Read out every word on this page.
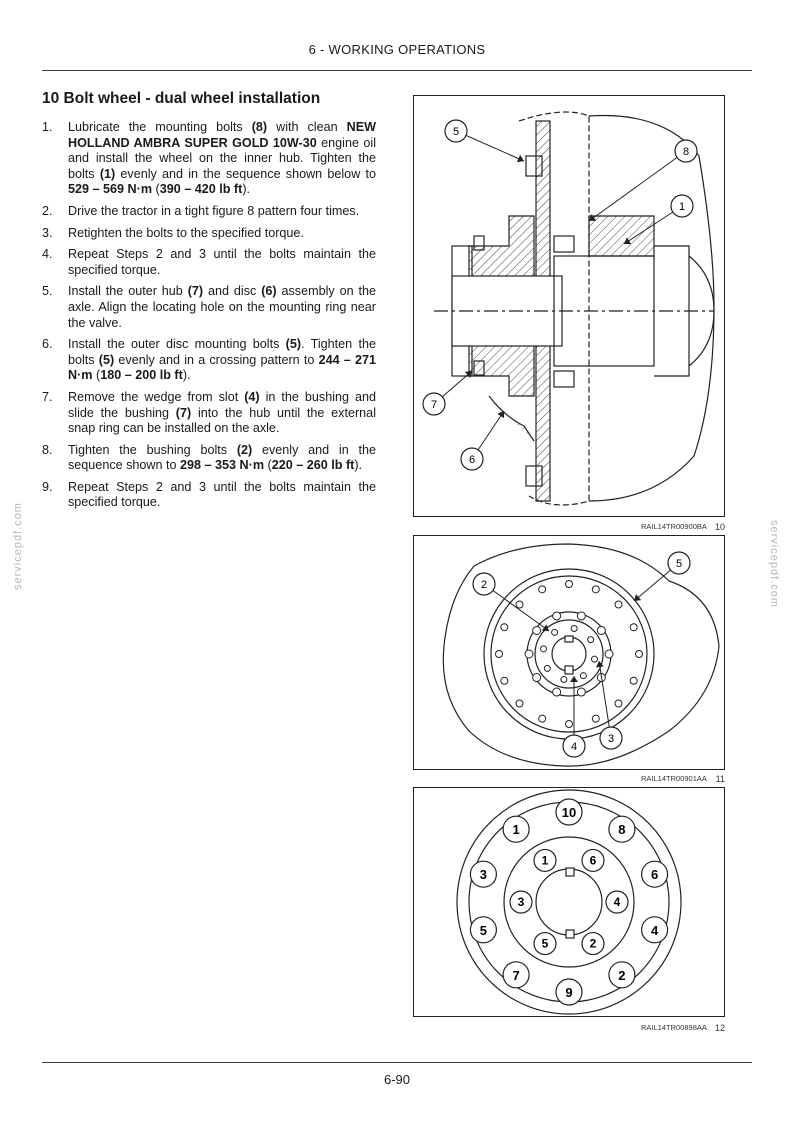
6 - WORKING OPERATIONS
10 Bolt wheel - dual wheel installation
1. Lubricate the mounting bolts (8) with clean NEW HOLLAND AMBRA SUPER GOLD 10W-30 engine oil and install the wheel on the inner hub. Tighten the bolts (1) evenly and in the sequence shown below to 529 – 569 N·m (390 – 420 lb ft).
2. Drive the tractor in a tight figure 8 pattern four times.
3. Retighten the bolts to the specified torque.
4. Repeat Steps 2 and 3 until the bolts maintain the specified torque.
5. Install the outer hub (7) and disc (6) assembly on the axle. Align the locating hole on the mounting ring near the valve.
6. Install the outer disc mounting bolts (5). Tighten the bolts (5) evenly and in a crossing pattern to 244 – 271 N·m (180 – 200 lb ft).
7. Remove the wedge from slot (4) in the bushing and slide the bushing (7) into the hub until the external snap ring can be installed on the axle.
8. Tighten the bushing bolts (2) evenly and in the sequence shown to 298 – 353 N·m (220 – 260 lb ft).
9. Repeat Steps 2 and 3 until the bolts maintain the specified torque.
servicepdf.com	servicepdf.com
5
8
1
7
6
RAIL14TR00900BA 10
2
5
4
3
RAIL14TR00901AA 11
10
8
6
4
2
9
7
5
3
1
6
4
2
5
3
1
RAIL14TR00898AA 12
6-90
